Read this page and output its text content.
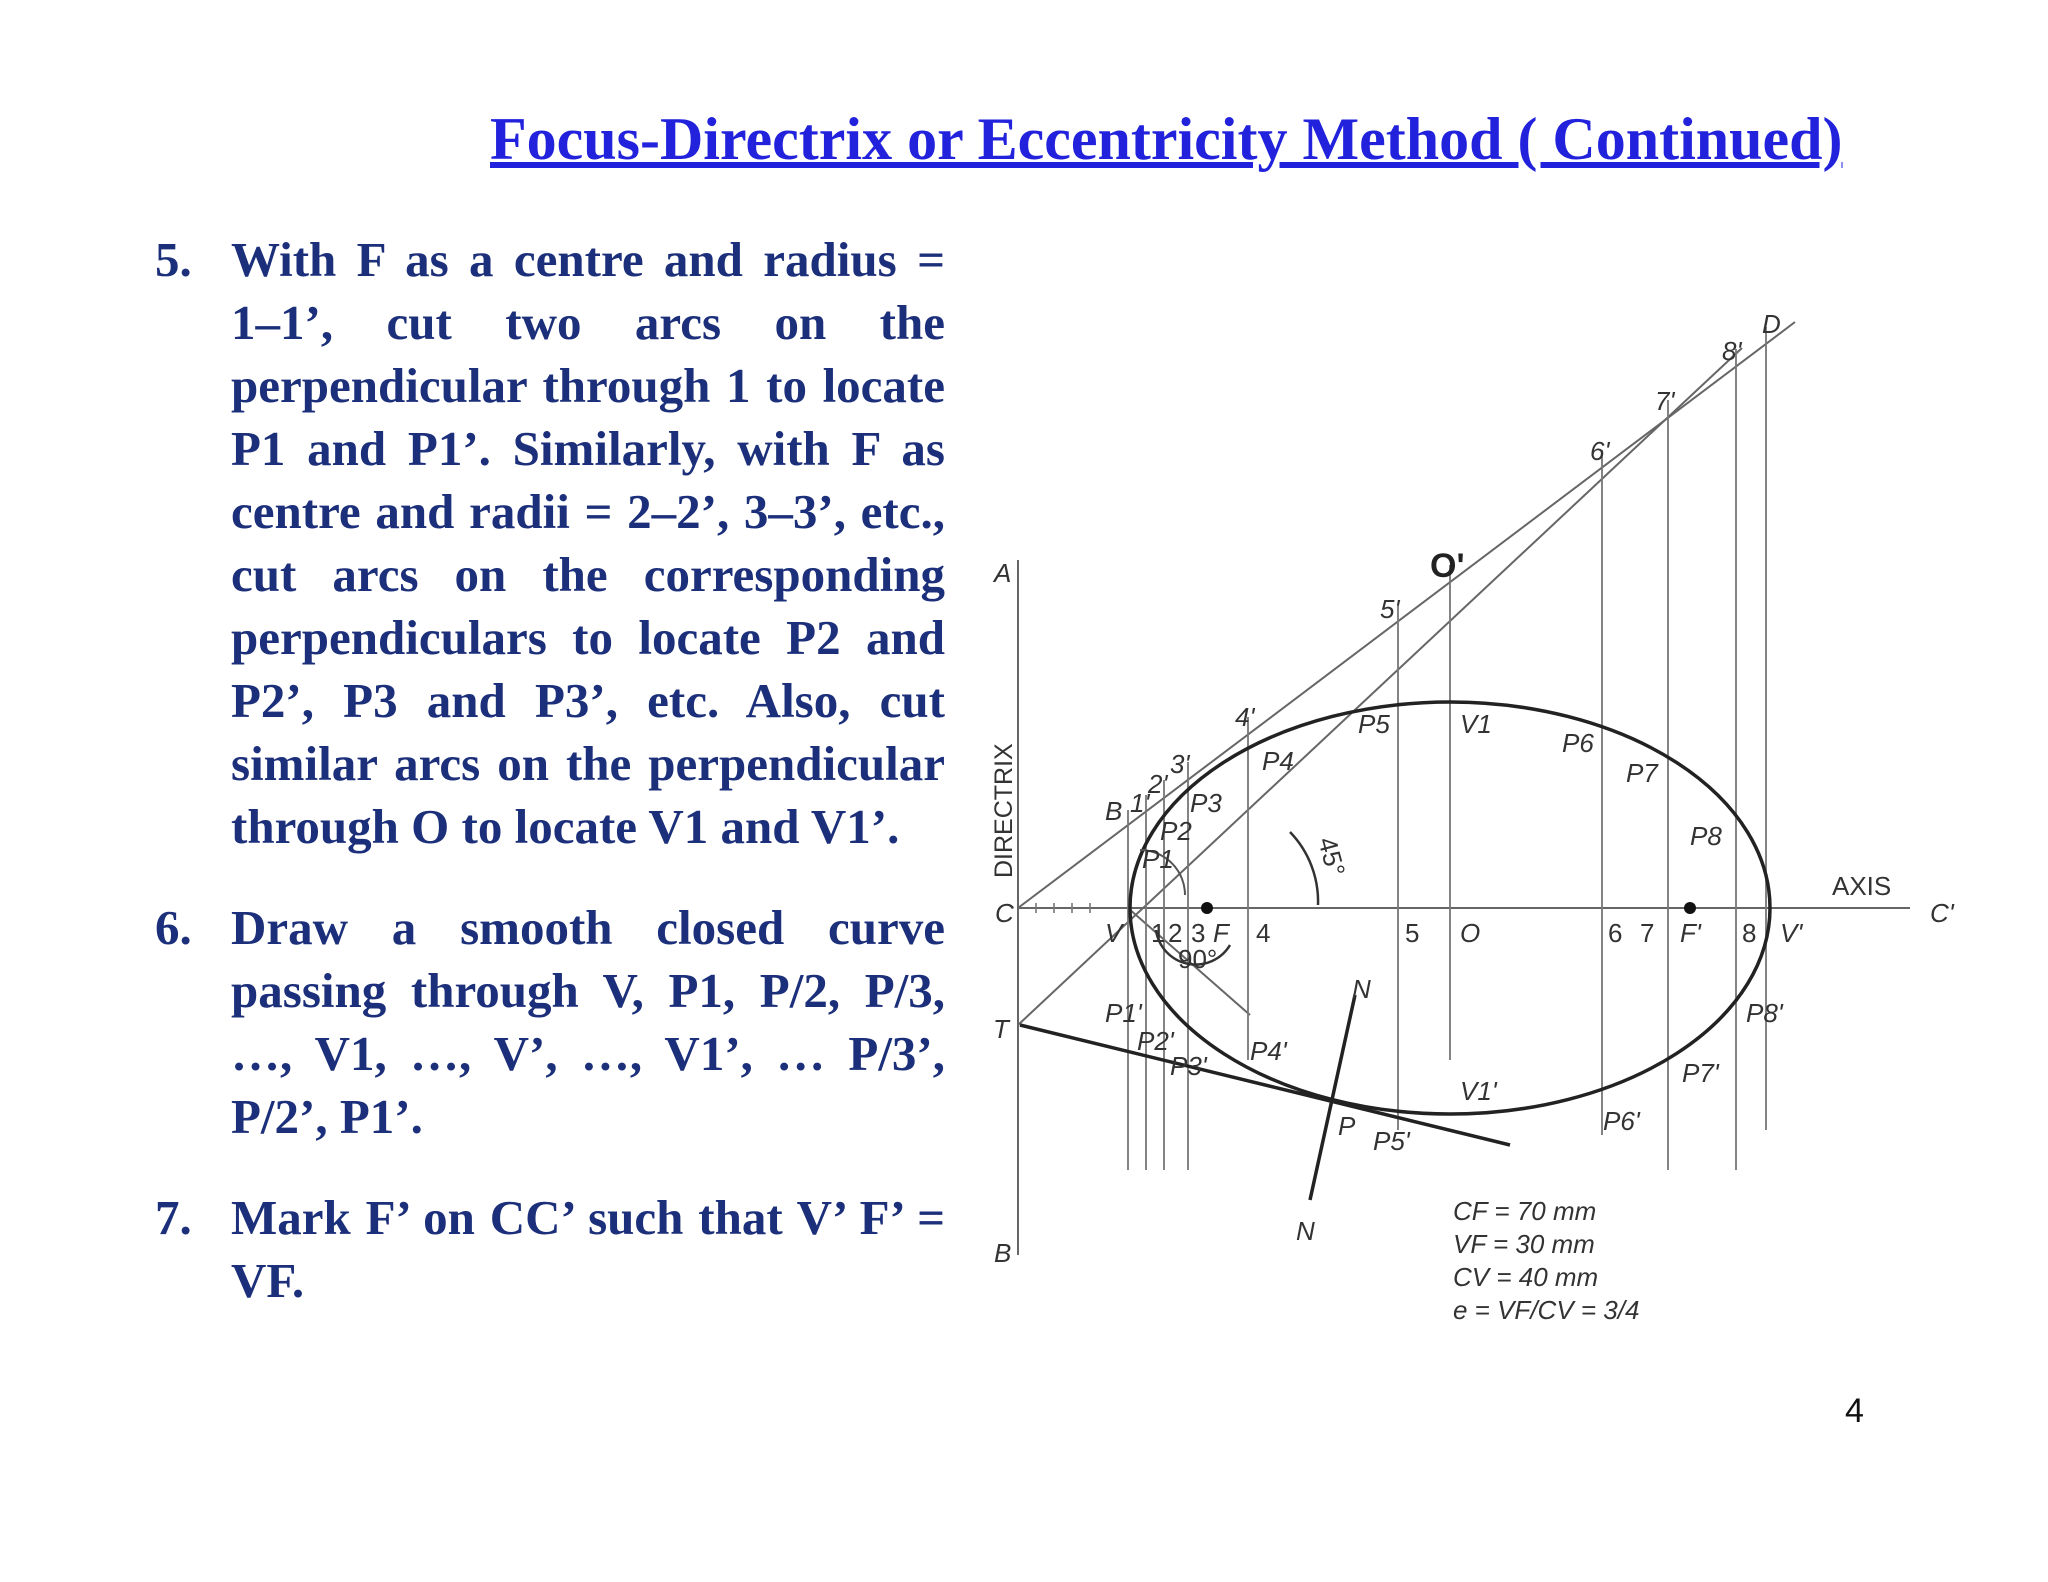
Focus-Directrix or Eccentricity Method ( Continued)
5. With F as a centre and radius = 1–1’, cut two arcs on the perpendicular through 1 to locate P1 and P1’. Similarly, with F as centre and radii = 2–2’, 3–3’, etc., cut arcs on the corresponding perpendiculars to locate P2 and P2’, P3 and P3’, etc. Also, cut similar arcs on the perpendicular through O to locate V1 and V1’.
6. Draw a smooth closed curve passing through V, P1, P/2, P/3, …, V1, …, V’, …, V1’, … P/3’, P/2’, P1’.
7. Mark F’ on CC’ such that V’ F’ = VF.
DIRECTRIX
AXIS
A
B
B
C	C'
D
T
O'
O
V	V'
F	F'
N
N
P
V1
V1'
1 2 3 4	5	6 7	8
1'
2'
3'
4'
5'
6'
7'
8'
P1
P2
P3
P4
P5
P6
P7
P8
P1'
P2'
P3' P4'
P5'
P6'
P7'
P8'
45°
90°
CF = 70 mm
VF = 30 mm
CV = 40 mm
e = VF/CV = 3/4
4
